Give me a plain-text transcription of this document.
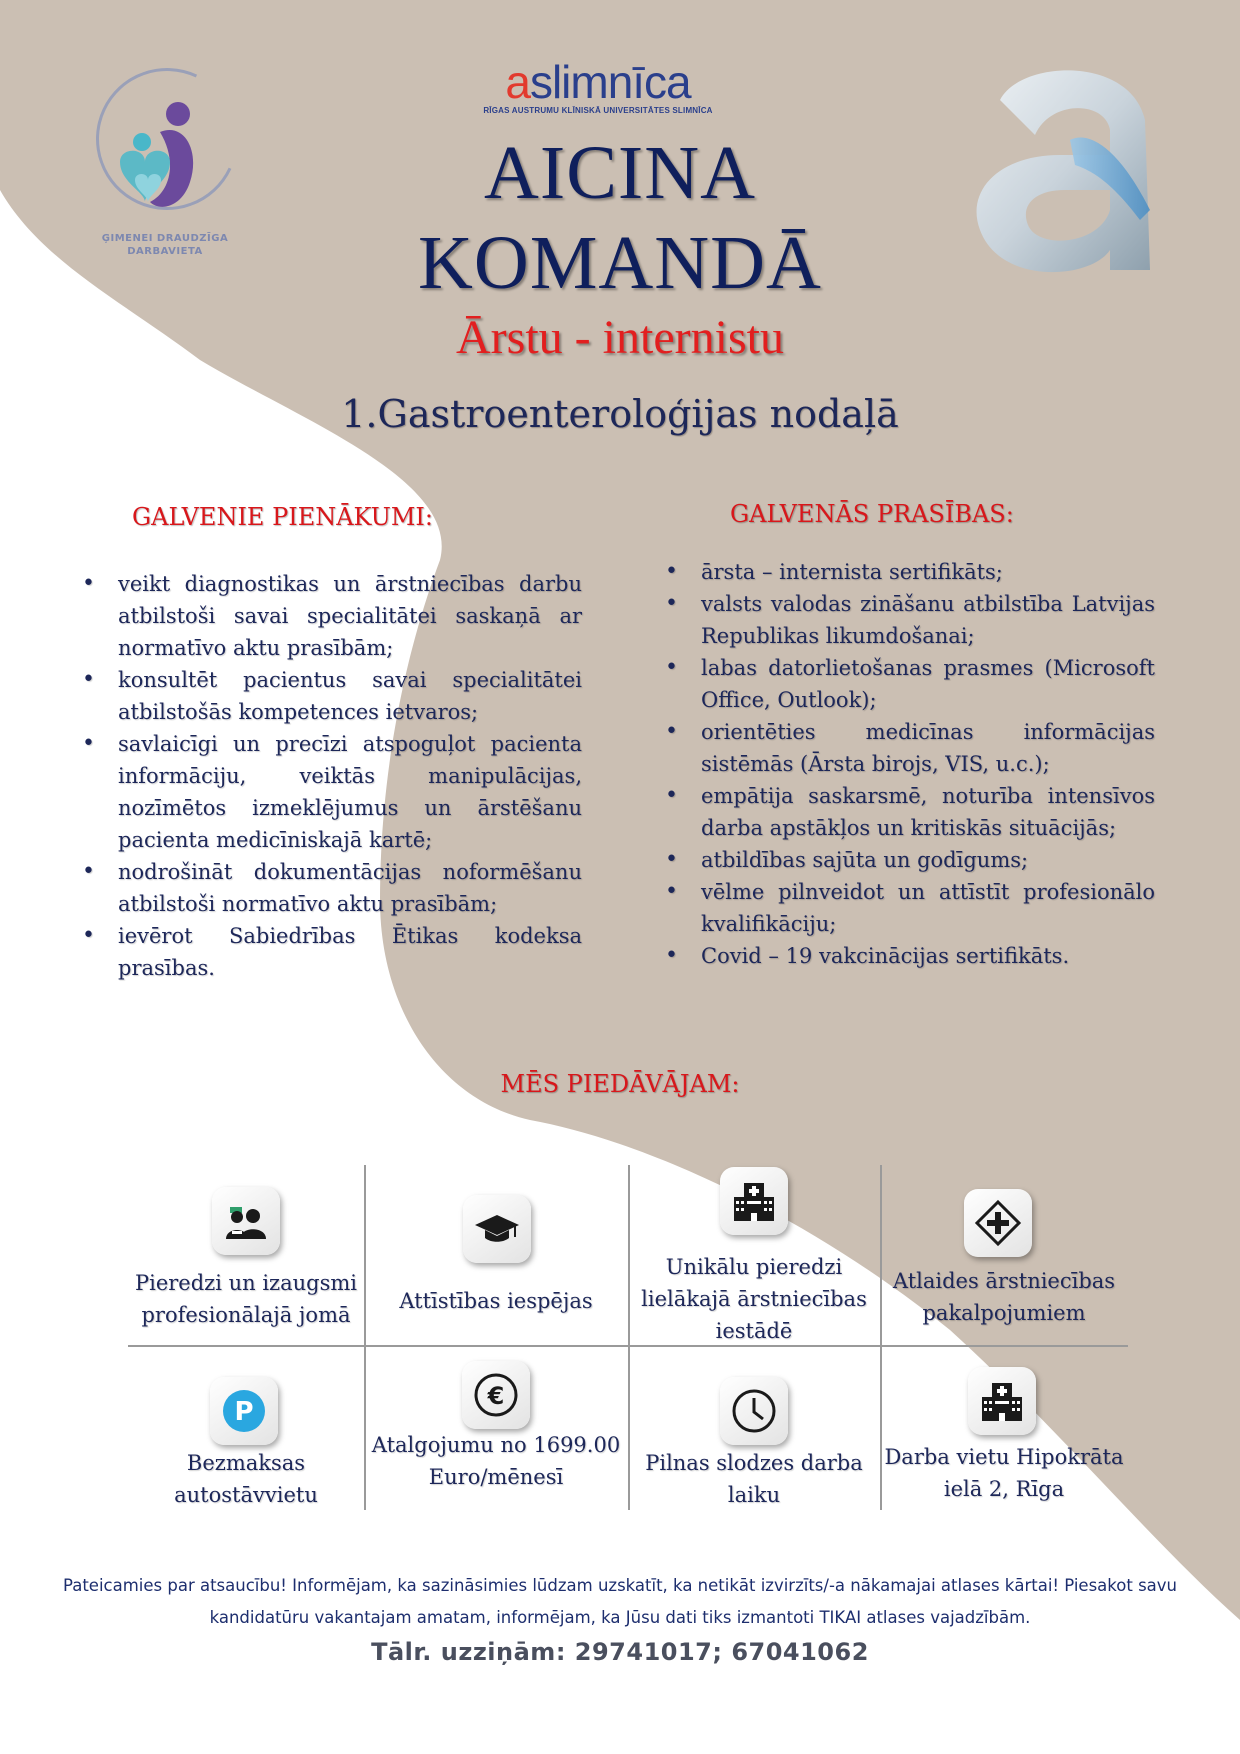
ĢIMENEI DRAUDZĪGA DARBAVIETA
aslimnīca
RĪGAS AUSTRUMU KLĪNISKĀ UNIVERSITĀTES SLIMNĪCA
AICINA
KOMANDĀ
Ārstu - internistu
1.Gastroenteroloģijas nodaļā
GALVENIE PIENĀKUMI:
• veikt diagnostikas un ārstniecības darbu atbilstoši savai specialitātei saskaņā ar normatīvo aktu prasībām;
• konsultēt pacientus savai specialitātei atbilstošās kompetences ietvaros;
• savlaicīgi un precīzi atspoguļot pacienta informāciju, veiktās manipulācijas, nozīmētos izmeklējumus un ārstēšanu pacienta medicīniskajā kartē;
• nodrošināt dokumentācijas noformēšanu atbilstoši normatīvo aktu prasībām;
• ievērot Sabiedrības Ētikas kodeksa prasības.
GALVENĀS PRASĪBAS:
• ārsta – internista sertifikāts;
• valsts valodas zināšanu atbilstība Latvijas Republikas likumdošanai;
• labas datorlietošanas prasmes (Microsoft Office, Outlook);
• orientēties medicīnas informācijas sistēmās (Ārsta birojs, VIS, u.c.);
• empātija saskarsmē, noturība intensīvos darba apstākļos un kritiskās situācijās;
• atbildības sajūta un godīgums;
• vēlme pilnveidot un attīstīt profesionālo kvalifikāciju;
• Covid – 19 vakcinācijas sertifikāts.
MĒS PIEDĀVĀJAM:
Pieredzi un izaugsmi profesionālajā jomā
Attīstības iespējas
Unikālu pieredzi lielākajā ārstniecības iestādē
Atlaides ārstniecības pakalpojumiem
P
Bezmaksas autostāvvietu
€
Atalgojumu no 1699.00 Euro/mēnesī
Pilnas slodzes darba laiku
Darba vietu Hipokrāta ielā 2, Rīga
Pateicamies par atsaucību! Informējam, ka sazināsimies lūdzam uzskatīt, ka netikāt izvirzīts/-a nākamajai atlases kārtai! Piesakot savu kandidatūru vakantajam amatam, informējam, ka Jūsu dati tiks izmantoti TIKAI atlases vajadzībām.
Tālr. uzziņām: 29741017; 67041062
